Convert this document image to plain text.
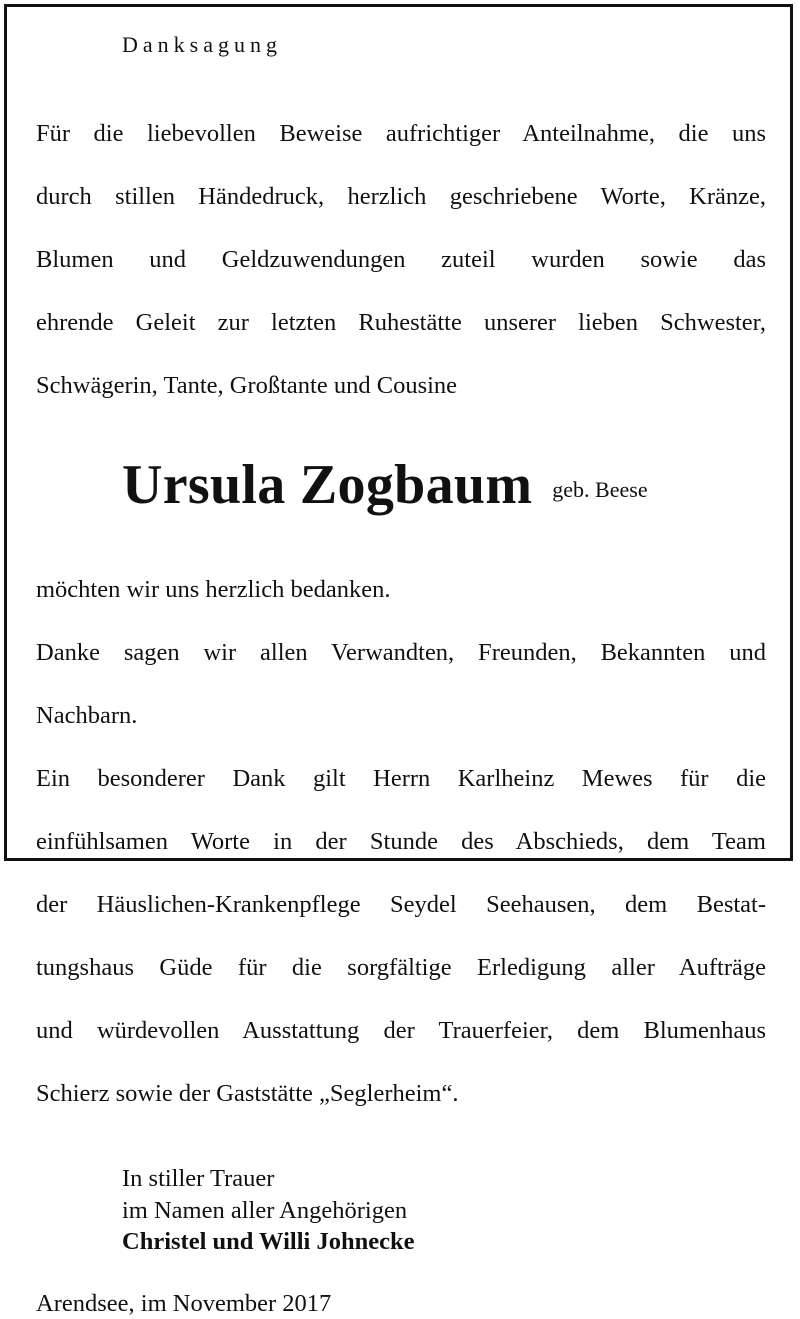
Danksagung

Für die liebevollen Beweise aufrichtiger Anteilnahme, die uns

durch stillen Händedruck, herzlich geschriebene Worte, Kränze,

Blumen und Geldzuwendungen zuteil wurden sowie das

ehrende Geleit zur letzten Ruhestätte unserer lieben Schwester,

Schwägerin, Tante, Großtante und Cousine

Ursula Zogbaum geb. Beese

möchten wir uns herzlich bedanken.

Danke sagen wir allen Verwandten, Freunden, Bekannten und

Nachbarn.

Ein besonderer Dank gilt Herrn Karlheinz Mewes für die

einfühlsamen Worte in der Stunde des Abschieds, dem Team

der Häuslichen-Krankenpflege Seydel Seehausen, dem Bestat-

tungshaus Güde für die sorgfältige Erledigung aller Aufträge

und würdevollen Ausstattung der Trauerfeier, dem Blumenhaus

Schierz sowie der Gaststätte „Seglerheim“.

In stiller Trauer
im Namen aller Angehörigen
Christel und Willi Johnecke
Arendsee, im November 2017
